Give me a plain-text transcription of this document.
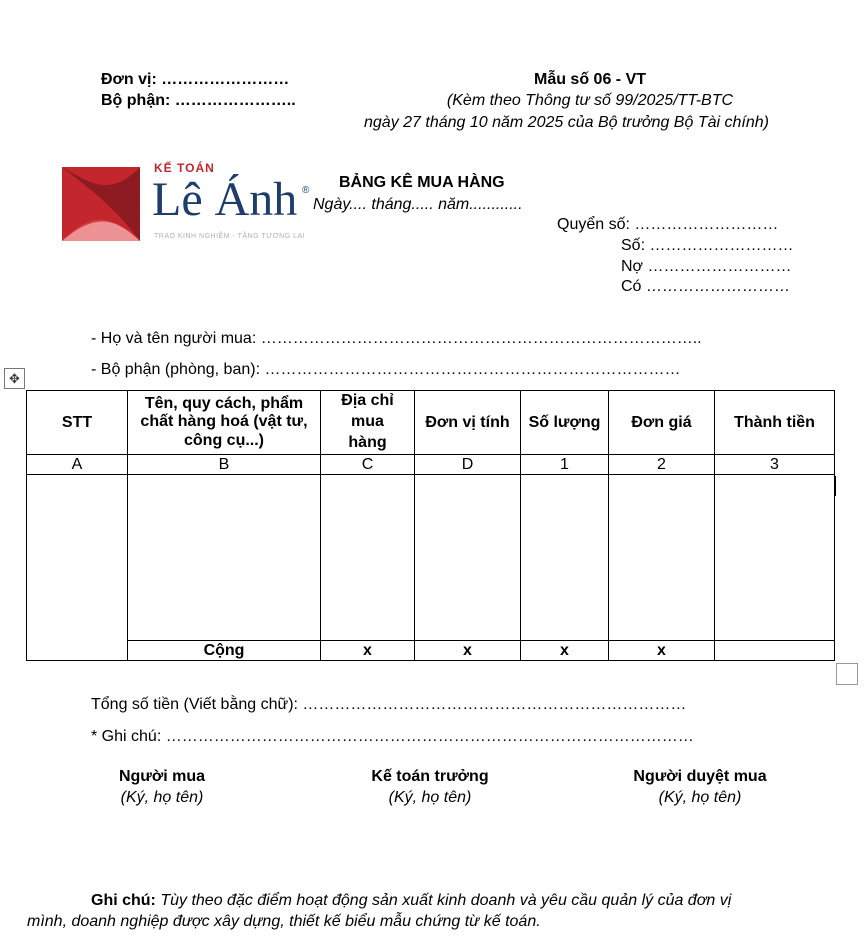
Đơn vị: ……………………
Bộ phận: …………………..
Mẫu số 06 - VT
(Kèm theo Thông tư số 99/2025/TT-BTC
ngày 27 tháng 10 năm 2025 của Bộ trưởng Bộ Tài chính)
KẾ TOÁN
Lê Ánh ®
TRAO KINH NGHIỆM - TẶNG TƯƠNG LAI
BẢNG KÊ MUA HÀNG
Ngày.... tháng..... năm............
Quyển số: ………………………
Số: ………………………
Nợ ………………………
Có ………………………
- Họ và tên người mua: ………………………………………………………………………..
- Bộ phận (phòng, ban): ……………………………………………………………………
✥
STT	Tên, quy cách, phẩm chất hàng hoá (vật tư, công cụ...)	Địa chỉ mua hàng	Đơn vị tính	Số lượng	Đơn giá	Thành tiền
A	B	C	D	1	2	3

	Cộng	x	x	x	x	
Tổng số tiền (Viết bằng chữ): ………………………………………………………………
* Ghi chú: ………………………………………………………………………………………
Người mua
(Ký, họ tên)
Kế toán trưởng
(Ký, họ tên)
Người duyệt mua
(Ký, họ tên)
Ghi chú: Tùy theo đặc điểm hoạt động sản xuất kinh doanh và yêu cầu quản lý của đơn vị
mình, doanh nghiệp được xây dựng, thiết kế biểu mẫu chứng từ kế toán.
